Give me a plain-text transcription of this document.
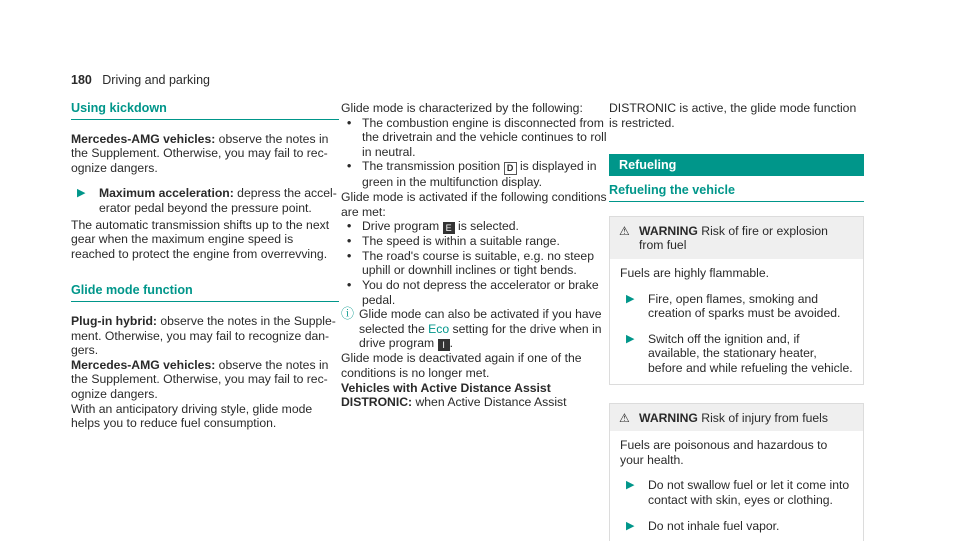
180 Driving and parking
Using kickdown

Mercedes-AMG vehicles: observe the notes in the Supplement. Otherwise, you may fail to recognize dangers.

▶	Maximum acceleration: depress the accelerator pedal beyond the pressure point.

The automatic transmission shifts up to the next gear when the maximum engine speed is reached to protect the engine from overrevving.

Glide mode function

Plug-in hybrid: observe the notes in the Supplement. Otherwise, you may fail to recognize dangers.

Mercedes-AMG vehicles: observe the notes in the Supplement. Otherwise, you may fail to recognize dangers.

With an anticipatory driving style, glide mode helps you to reduce fuel consumption.

Glide mode is characterized by the following:

• The combustion engine is disconnected from the drivetrain and the vehicle continues to roll in neutral.
• The transmission position D is displayed in green in the multifunction display.

Glide mode is activated if the following conditions are met:

• Drive program E is selected.
• The speed is within a suitable range.
• The road's course is suitable, e.g. no steep uphill or downhill inclines or tight bends.
• You do not depress the accelerator or brake pedal.
ⓘ Glide mode can also be activated if you have selected the Eco setting for the drive when in drive program I .

Glide mode is deactivated again if one of the conditions is no longer met.

Vehicles with Active Distance Assist DISTRONIC: when Active Distance Assist

DISTRONIC is active, the glide mode function is restricted.

Refueling
Refueling the vehicle
⚠ WARNING Risk of fire or explosion from fuel

Fuels are highly flammable.

▶	Fire, open flames, smoking and creation of sparks must be avoided.
▶	Switch off the ignition and, if available, the stationary heater, before and while refueling the vehicle.
⚠ WARNING Risk of injury from fuels

Fuels are poisonous and hazardous to your health.

▶	Do not swallow fuel or let it come into contact with skin, eyes or clothing.
▶	Do not inhale fuel vapor.
